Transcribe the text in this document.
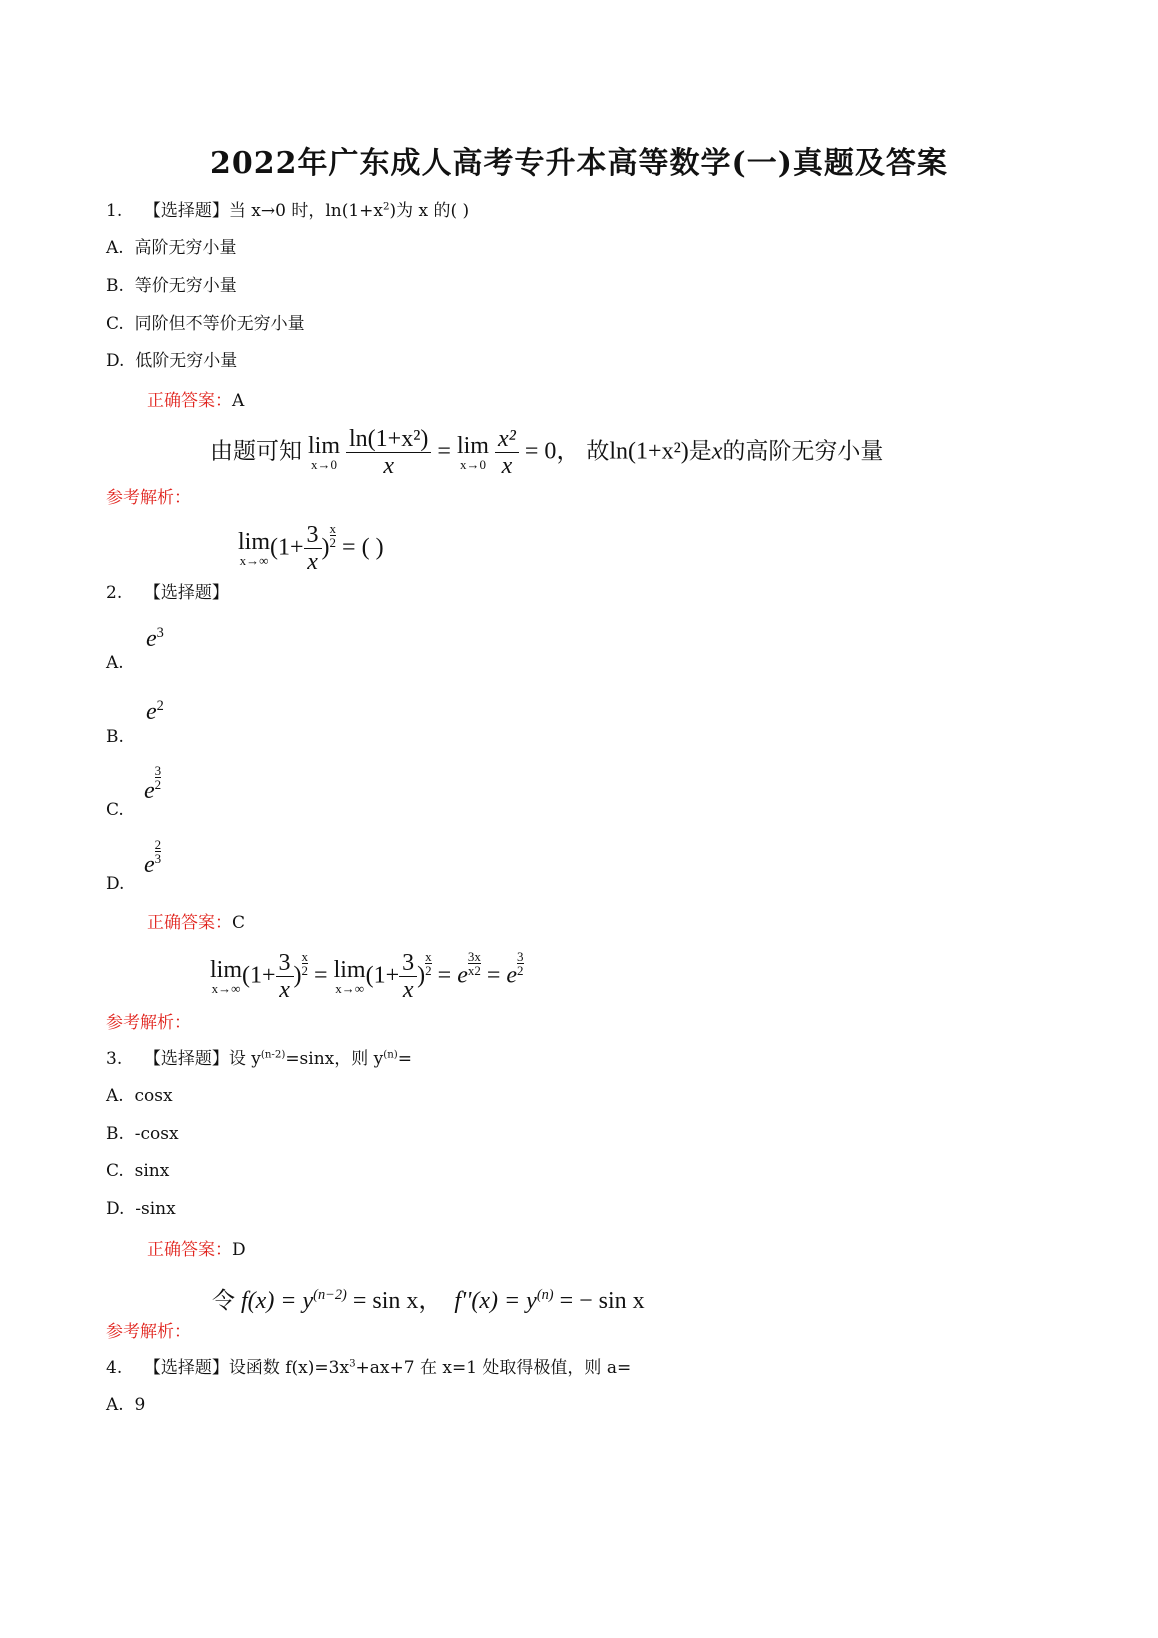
2022年广东成人高考专升本高等数学(一)真题及答案
1. 【选择题】当 x→0 时，$\ln(1+x^2)$为 x 的( )
A. 高阶无穷小量
B. 等价无穷小量
C. 同阶但不等价无穷小量
D. 低阶无穷小量
正确答案：A
由题可知 lim
x→0
$\frac{\text{ln(1+x²)}}{x} = \lim$
x→0
$\frac{\text{x²}}{x} = 0$， 故ln(1+x²)是x的高阶无穷小量
参考解析：
lim
x→∞
($1+ \frac{3}{x}$ ) $\frac{x}{2}$ = ( )
2. 【选择题】
$e^3$
A.
$e^2$
B.
e $\frac{3}{2}$
C.
e $\frac{2}{3}$
D.
正确答案：C
lim
x→∞
($1+ \frac{3}{x}$ ) $\frac{x}{2} = \lim$
x→∞
($1+ \frac{3}{x}$ ) $\frac{x}{2} = e \frac{3}{x} \frac{x}{2} = e \frac{3}{2}$
参考解析：
3. 【选择题】设 $y^{(n-2)}=\sin x$，则 $y^{(n)}=$
A. cosx
B. -cosx
C. sinx
D. -sinx
正确答案：D
令 $f(x) = y^{(n-2)} = \sin x$， $f''(x) = y^{(n)}$ = − sin x
参考解析：
4. 【选择题】设函数 $f(x)=3x^3+ax+7$ 在 x=1 处取得极值，则 a=
A. 9
